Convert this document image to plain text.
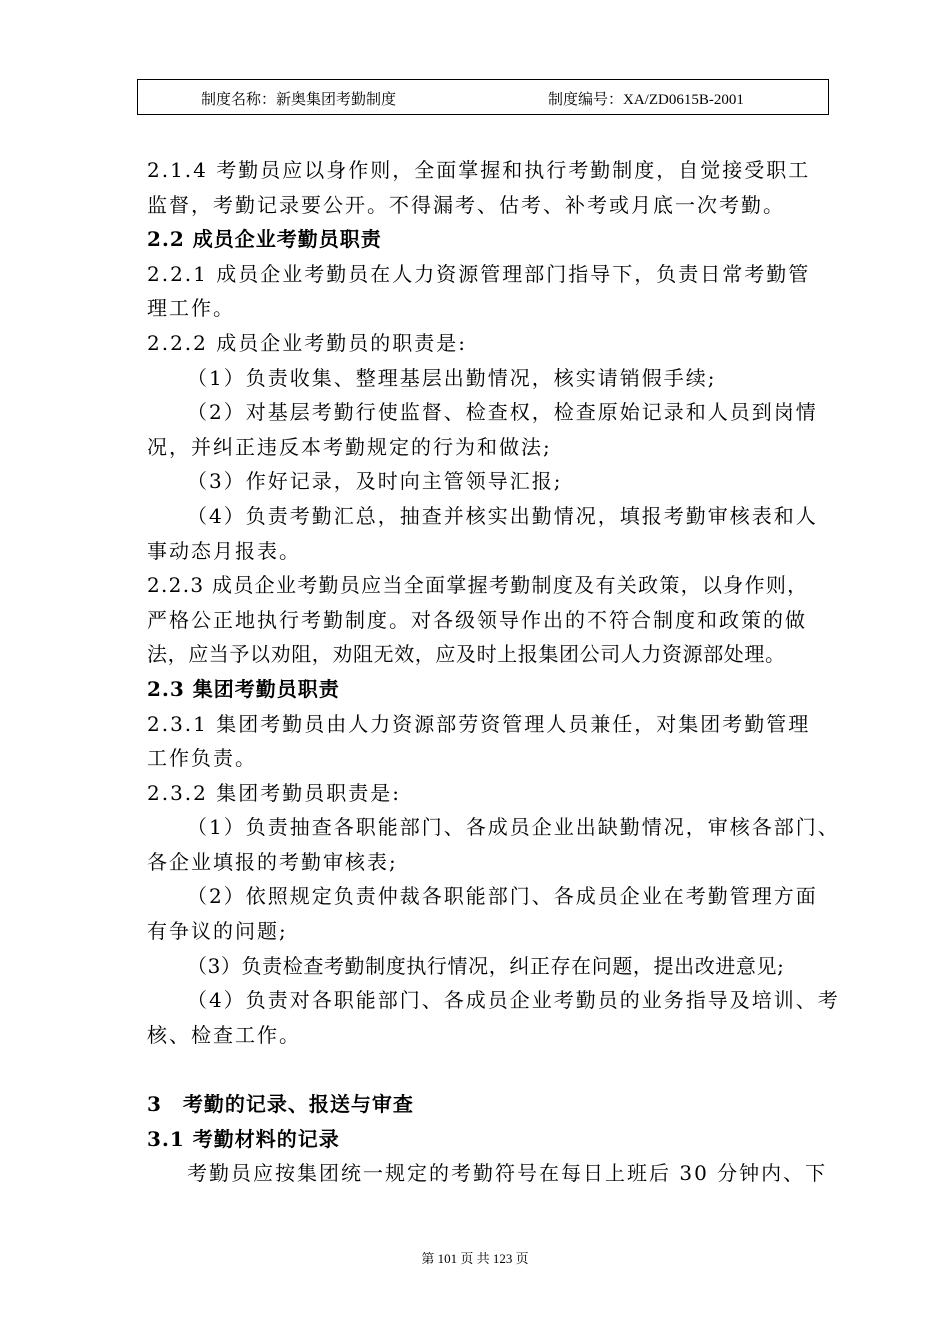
制度名称：新奥集团考勤制度	制度编号：XA/ZD0615B-2001
2.1.4 考勤员应以身作则，全面掌握和执行考勤制度，自觉接受职工
监督，考勤记录要公开。不得漏考、估考、补考或月底一次考勤。
2.2 成员企业考勤员职责
2.2.1 成员企业考勤员在人力资源管理部门指导下，负责日常考勤管
理工作。
2.2.2 成员企业考勤员的职责是:
（1）负责收集、整理基层出勤情况，核实请销假手续;
（2）对基层考勤行使监督、检查权，检查原始记录和人员到岗情
况，并纠正违反本考勤规定的行为和做法;
（3）作好记录，及时向主管领导汇报;
（4）负责考勤汇总，抽查并核实出勤情况，填报考勤审核表和人
事动态月报表。
2.2.3 成员企业考勤员应当全面掌握考勤制度及有关政策，以身作则，
严格公正地执行考勤制度。对各级领导作出的不符合制度和政策的做
法，应当予以劝阻，劝阻无效，应及时上报集团公司人力资源部处理。
2.3 集团考勤员职责
2.3.1 集团考勤员由人力资源部劳资管理人员兼任，对集团考勤管理
工作负责。
2.3.2 集团考勤员职责是:
（1）负责抽查各职能部门、各成员企业出缺勤情况，审核各部门、
各企业填报的考勤审核表;
（2）依照规定负责仲裁各职能部门、各成员企业在考勤管理方面
有争议的问题;
（3）负责检查考勤制度执行情况，纠正存在问题，提出改进意见;
（4）负责对各职能部门、各成员企业考勤员的业务指导及培训、考
核、检查工作。
3　考勤的记录、报送与审查
3.1 考勤材料的记录
考勤员应按集团统一规定的考勤符号在每日上班后 30 分钟内、下
第 101 页 共 123 页
